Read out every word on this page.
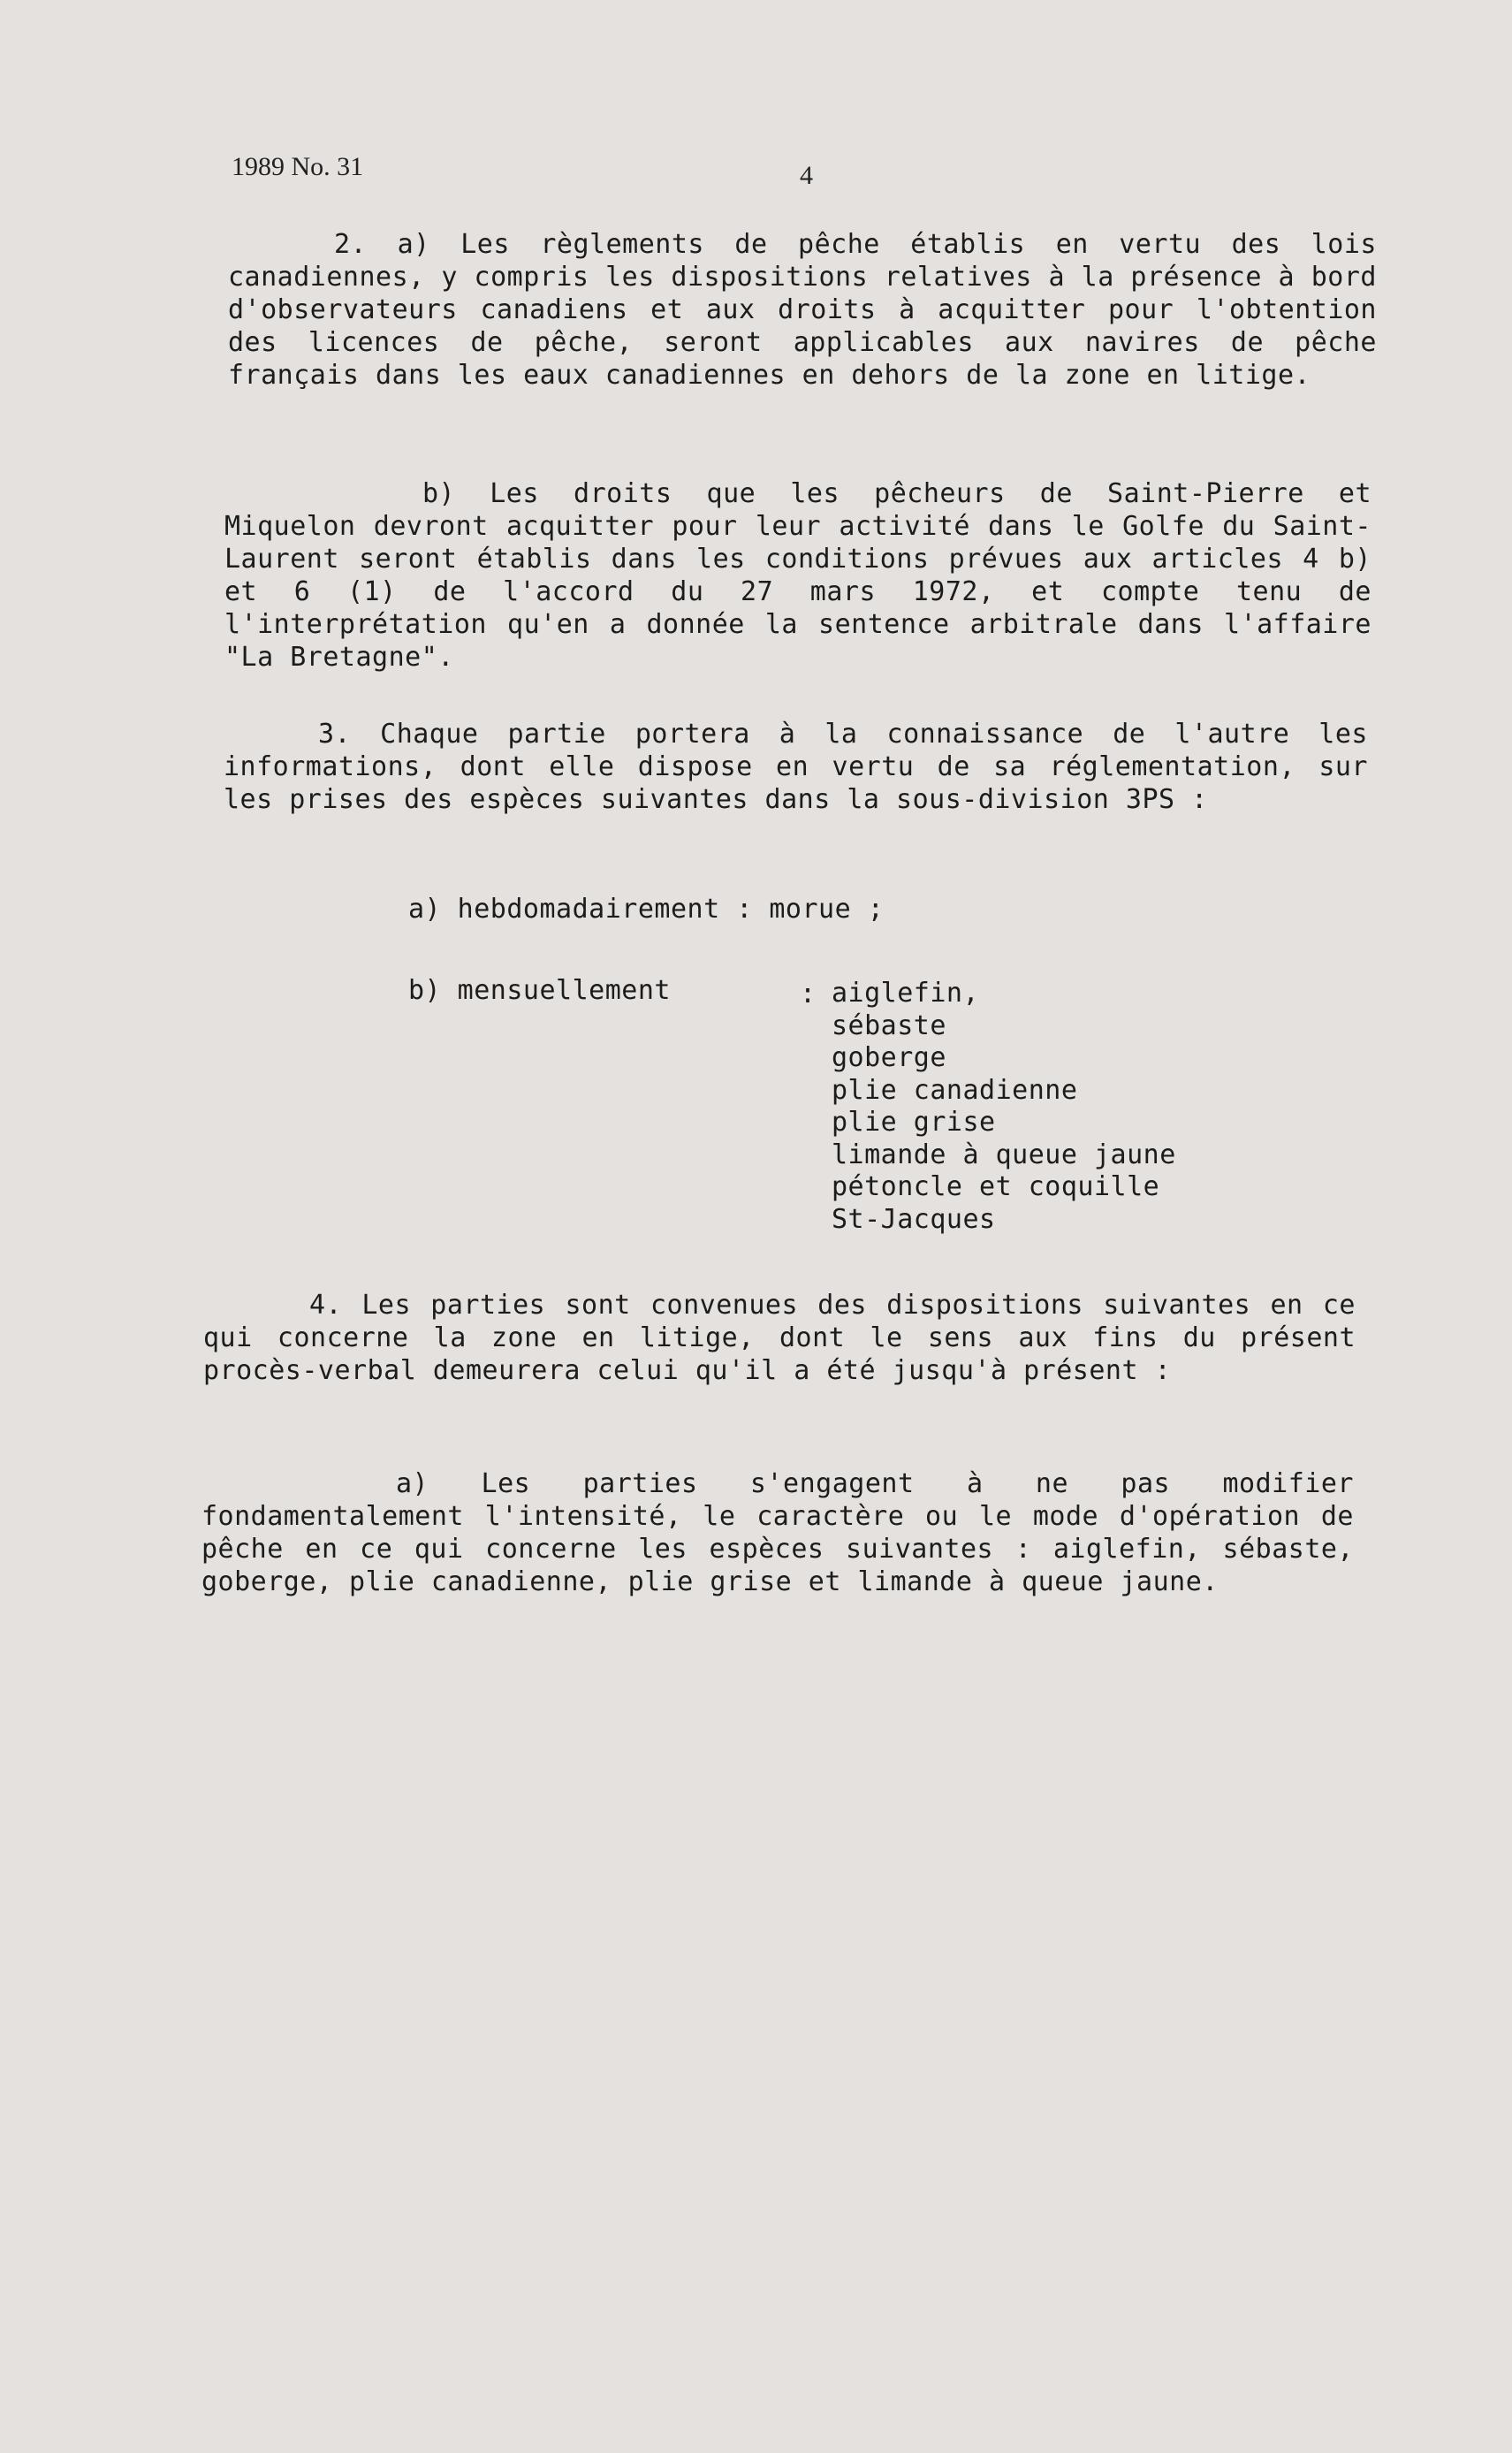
1989 No. 31	4
2. a) Les règlements de pêche établis en vertu des lois canadiennes, y compris les dispositions relatives à la présence à bord d'observateurs canadiens et aux droits à acquitter pour l'obtention des licences de pêche, seront applicables aux navires de pêche français dans les eaux canadiennes en dehors de la zone en litige.
b) Les droits que les pêcheurs de Saint-Pierre et Miquelon devront acquitter pour leur activité dans le Golfe du Saint-Laurent seront établis dans les conditions prévues aux articles 4 b) et 6 (1) de l'accord du 27 mars 1972, et compte tenu de l'interprétation qu'en a donnée la sentence arbitrale dans l'affaire "La Bretagne".
3. Chaque partie portera à la connaissance de l'autre les informations, dont elle dispose en vertu de sa réglementation, sur les prises des espèces suivantes dans la sous-division 3PS :
a) hebdomadairement : morue ;
b) mensuellement	: aiglefin,
sébaste
goberge
plie canadienne
plie grise
limande à queue jaune
pétoncle et coquille
St-Jacques
4. Les parties sont convenues des dispositions suivantes en ce qui concerne la zone en litige, dont le sens aux fins du présent procès-verbal demeurera celui qu'il a été jusqu'à présent :
a) Les parties s'engagent à ne pas modifier fondamentalement l'intensité, le caractère ou le mode d'opération de pêche en ce qui concerne les espèces suivantes : aiglefin, sébaste, goberge, plie canadienne, plie grise et limande à queue jaune.
